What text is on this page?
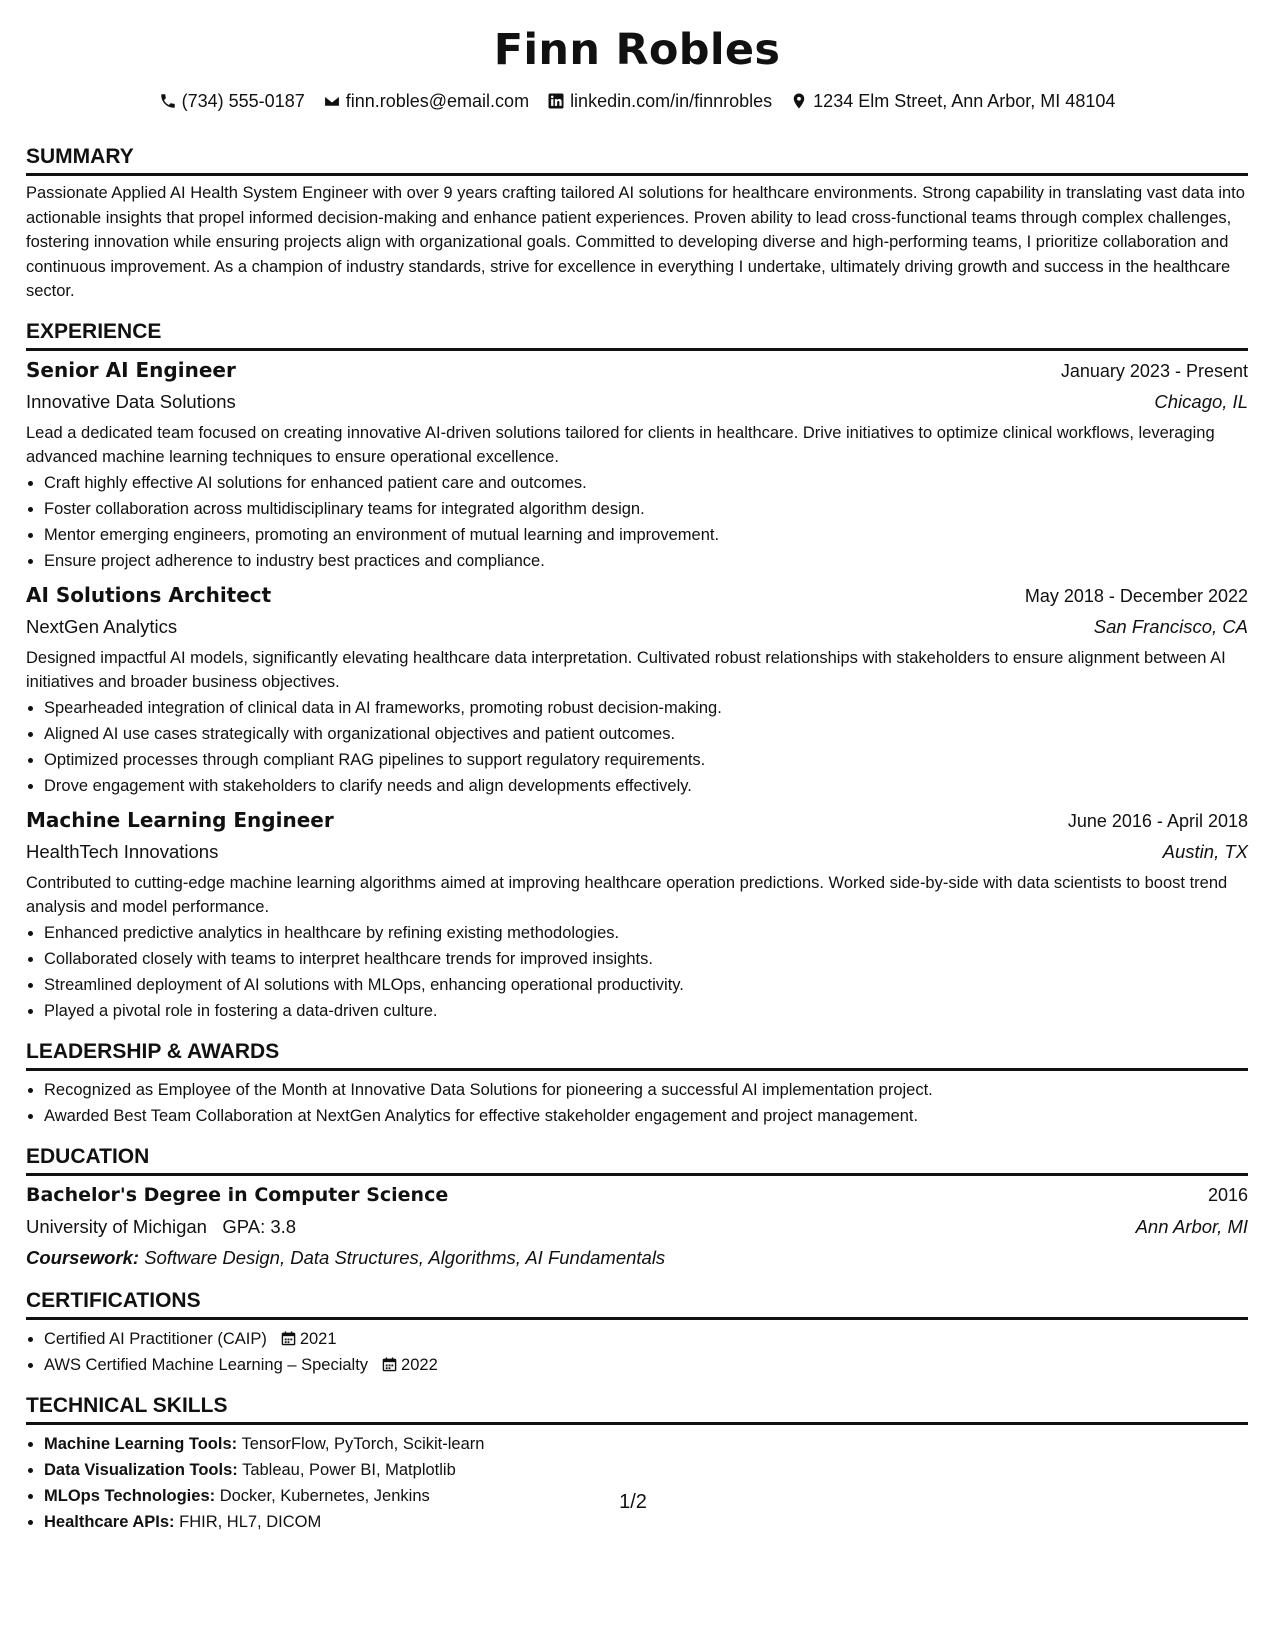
Finn Robles
(734) 555-0187 finn.robles@email.com linkedin.com/in/finnrobles 1234 Elm Street, Ann Arbor, MI 48104
SUMMARY
Passionate Applied AI Health System Engineer with over 9 years crafting tailored AI solutions for healthcare environments. Strong capability in translating vast data into actionable insights that propel informed decision-making and enhance patient experiences. Proven ability to lead cross-functional teams through complex challenges, fostering innovation while ensuring projects align with organizational goals. Committed to developing diverse and high-performing teams, I prioritize collaboration and continuous improvement. As a champion of industry standards, strive for excellence in everything I undertake, ultimately driving growth and success in the healthcare sector.
EXPERIENCE
Senior AI Engineer	January 2023 - Present
Innovative Data Solutions	Chicago, IL
Lead a dedicated team focused on creating innovative AI-driven solutions tailored for clients in healthcare. Drive initiatives to optimize clinical workflows, leveraging advanced machine learning techniques to ensure operational excellence.
• Craft highly effective AI solutions for enhanced patient care and outcomes.
• Foster collaboration across multidisciplinary teams for integrated algorithm design.
• Mentor emerging engineers, promoting an environment of mutual learning and improvement.
• Ensure project adherence to industry best practices and compliance.
AI Solutions Architect	May 2018 - December 2022
NextGen Analytics	San Francisco, CA
Designed impactful AI models, significantly elevating healthcare data interpretation. Cultivated robust relationships with stakeholders to ensure alignment between AI initiatives and broader business objectives.
• Spearheaded integration of clinical data in AI frameworks, promoting robust decision-making.
• Aligned AI use cases strategically with organizational objectives and patient outcomes.
• Optimized processes through compliant RAG pipelines to support regulatory requirements.
• Drove engagement with stakeholders to clarify needs and align developments effectively.
Machine Learning Engineer	June 2016 - April 2018
HealthTech Innovations	Austin, TX
Contributed to cutting-edge machine learning algorithms aimed at improving healthcare operation predictions. Worked side-by-side with data scientists to boost trend analysis and model performance.
• Enhanced predictive analytics in healthcare by refining existing methodologies.
• Collaborated closely with teams to interpret healthcare trends for improved insights.
• Streamlined deployment of AI solutions with MLOps, enhancing operational productivity.
• Played a pivotal role in fostering a data-driven culture.
LEADERSHIP & AWARDS
• Recognized as Employee of the Month at Innovative Data Solutions for pioneering a successful AI implementation project.
• Awarded Best Team Collaboration at NextGen Analytics for effective stakeholder engagement and project management.
EDUCATION
Bachelor's Degree in Computer Science	2016
University of Michigan GPA: 3.8	Ann Arbor, MI
Coursework: Software Design, Data Structures, Algorithms, AI Fundamentals
CERTIFICATIONS
• Certified AI Practitioner (CAIP) 2021
• AWS Certified Machine Learning – Specialty 2022
TECHNICAL SKILLS
• Machine Learning Tools: TensorFlow, PyTorch, Scikit-learn
• Data Visualization Tools: Tableau, Power BI, Matplotlib
• MLOps Technologies: Docker, Kubernetes, Jenkins
• Healthcare APIs: FHIR, HL7, DICOM
1/2
